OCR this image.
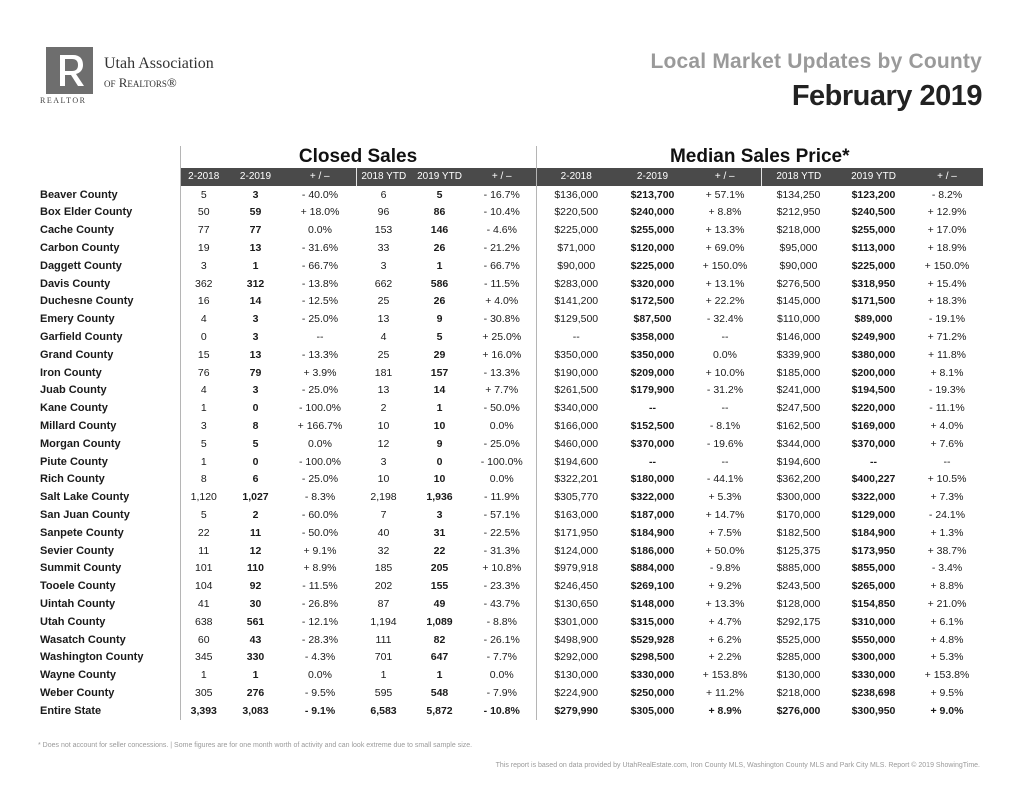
REALTOR
Utah Association
of Realtors®
Local Market Updates by County
February 2019
	Closed Sales						Median Sales Price*					
	2-2018	2-2019	+ / –	2018 YTD	2019 YTD	+ / –	2-2018	2-2019	+ / –	2018 YTD	2019 YTD	+ / –
Beaver County	5	3	- 40.0%	6	5	- 16.7%	$136,000	$213,700	+ 57.1%	$134,250	$123,200	- 8.2%
Box Elder County	50	59	+ 18.0%	96	86	- 10.4%	$220,500	$240,000	+ 8.8%	$212,950	$240,500	+ 12.9%
Cache County	77	77	0.0%	153	146	- 4.6%	$225,000	$255,000	+ 13.3%	$218,000	$255,000	+ 17.0%
Carbon County	19	13	- 31.6%	33	26	- 21.2%	$71,000	$120,000	+ 69.0%	$95,000	$113,000	+ 18.9%
Daggett County	3	1	- 66.7%	3	1	- 66.7%	$90,000	$225,000	+ 150.0%	$90,000	$225,000	+ 150.0%
Davis County	362	312	- 13.8%	662	586	- 11.5%	$283,000	$320,000	+ 13.1%	$276,500	$318,950	+ 15.4%
Duchesne County	16	14	- 12.5%	25	26	+ 4.0%	$141,200	$172,500	+ 22.2%	$145,000	$171,500	+ 18.3%
Emery County	4	3	- 25.0%	13	9	- 30.8%	$129,500	$87,500	- 32.4%	$110,000	$89,000	- 19.1%
Garfield County	0	3	--	4	5	+ 25.0%	--	$358,000	--	$146,000	$249,900	+ 71.2%
Grand County	15	13	- 13.3%	25	29	+ 16.0%	$350,000	$350,000	0.0%	$339,900	$380,000	+ 11.8%
Iron County	76	79	+ 3.9%	181	157	- 13.3%	$190,000	$209,000	+ 10.0%	$185,000	$200,000	+ 8.1%
Juab County	4	3	- 25.0%	13	14	+ 7.7%	$261,500	$179,900	- 31.2%	$241,000	$194,500	- 19.3%
Kane County	1	0	- 100.0%	2	1	- 50.0%	$340,000	--	--	$247,500	$220,000	- 11.1%
Millard County	3	8	+ 166.7%	10	10	0.0%	$166,000	$152,500	- 8.1%	$162,500	$169,000	+ 4.0%
Morgan County	5	5	0.0%	12	9	- 25.0%	$460,000	$370,000	- 19.6%	$344,000	$370,000	+ 7.6%
Piute County	1	0	- 100.0%	3	0	- 100.0%	$194,600	--	--	$194,600	--	--
Rich County	8	6	- 25.0%	10	10	0.0%	$322,201	$180,000	- 44.1%	$362,200	$400,227	+ 10.5%
Salt Lake County	1,120	1,027	- 8.3%	2,198	1,936	- 11.9%	$305,770	$322,000	+ 5.3%	$300,000	$322,000	+ 7.3%
San Juan County	5	2	- 60.0%	7	3	- 57.1%	$163,000	$187,000	+ 14.7%	$170,000	$129,000	- 24.1%
Sanpete County	22	11	- 50.0%	40	31	- 22.5%	$171,950	$184,900	+ 7.5%	$182,500	$184,900	+ 1.3%
Sevier County	11	12	+ 9.1%	32	22	- 31.3%	$124,000	$186,000	+ 50.0%	$125,375	$173,950	+ 38.7%
Summit County	101	110	+ 8.9%	185	205	+ 10.8%	$979,918	$884,000	- 9.8%	$885,000	$855,000	- 3.4%
Tooele County	104	92	- 11.5%	202	155	- 23.3%	$246,450	$269,100	+ 9.2%	$243,500	$265,000	+ 8.8%
Uintah County	41	30	- 26.8%	87	49	- 43.7%	$130,650	$148,000	+ 13.3%	$128,000	$154,850	+ 21.0%
Utah County	638	561	- 12.1%	1,194	1,089	- 8.8%	$301,000	$315,000	+ 4.7%	$292,175	$310,000	+ 6.1%
Wasatch County	60	43	- 28.3%	111	82	- 26.1%	$498,900	$529,928	+ 6.2%	$525,000	$550,000	+ 4.8%
Washington County	345	330	- 4.3%	701	647	- 7.7%	$292,000	$298,500	+ 2.2%	$285,000	$300,000	+ 5.3%
Wayne County	1	1	0.0%	1	1	0.0%	$130,000	$330,000	+ 153.8%	$130,000	$330,000	+ 153.8%
Weber County	305	276	- 9.5%	595	548	- 7.9%	$224,900	$250,000	+ 11.2%	$218,000	$238,698	+ 9.5%
Entire State	3,393	3,083	- 9.1%	6,583	5,872	- 10.8%	$279,990	$305,000	+ 8.9%	$276,000	$300,950	+ 9.0%
* Does not account for seller concessions. | Some figures are for one month worth of activity and can look extreme due to small sample size.
This report is based on data provided by UtahRealEstate.com, Iron County MLS, Washington County MLS and Park City MLS. Report © 2019 ShowingTime.
